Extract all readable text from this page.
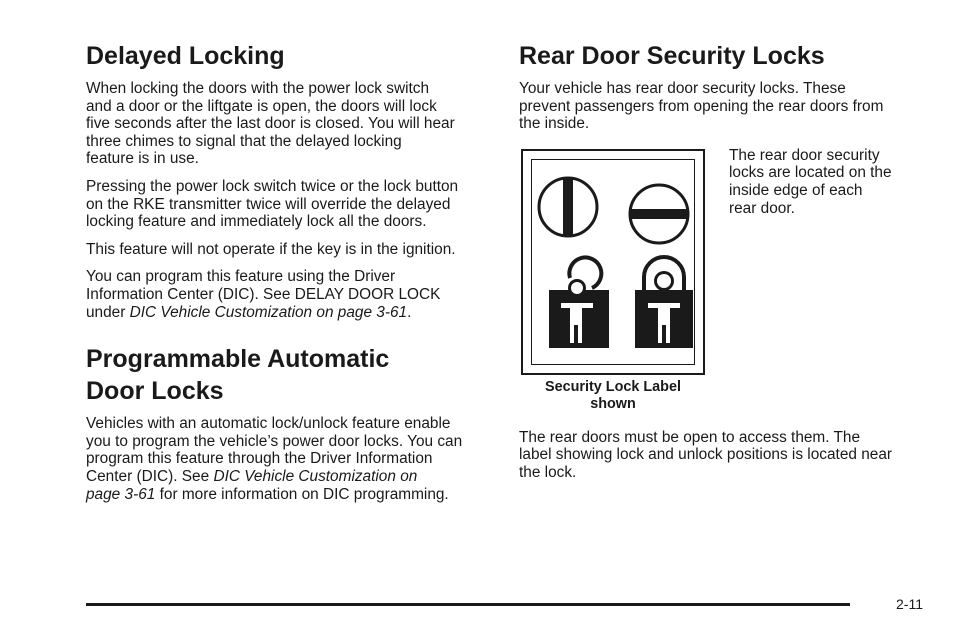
Delayed Locking

When locking the doors with the power lock switch
and a door or the liftgate is open, the doors will lock
five seconds after the last door is closed. You will hear
three chimes to signal that the delayed locking
feature is in use.

Pressing the power lock switch twice or the lock button
on the RKE transmitter twice will override the delayed
locking feature and immediately lock all the doors.

This feature will not operate if the key is in the ignition.

You can program this feature using the Driver
Information Center (DIC). See DELAY DOOR LOCK
under DIC Vehicle Customization on page 3-61.

Programmable Automatic
Door Locks

Vehicles with an automatic lock/unlock feature enable
you to program the vehicle’s power door locks. You can
program this feature through the Driver Information
Center (DIC). See DIC Vehicle Customization on
page 3-61 for more information on DIC programming.

Rear Door Security Locks

Your vehicle has rear door security locks. These
prevent passengers from opening the rear doors from
the inside.

Security Lock Label
shown
The rear door security
locks are located on the
inside edge of each
rear door.

The rear doors must be open to access them. The
label showing lock and unlock positions is located near
the lock.

2-11
